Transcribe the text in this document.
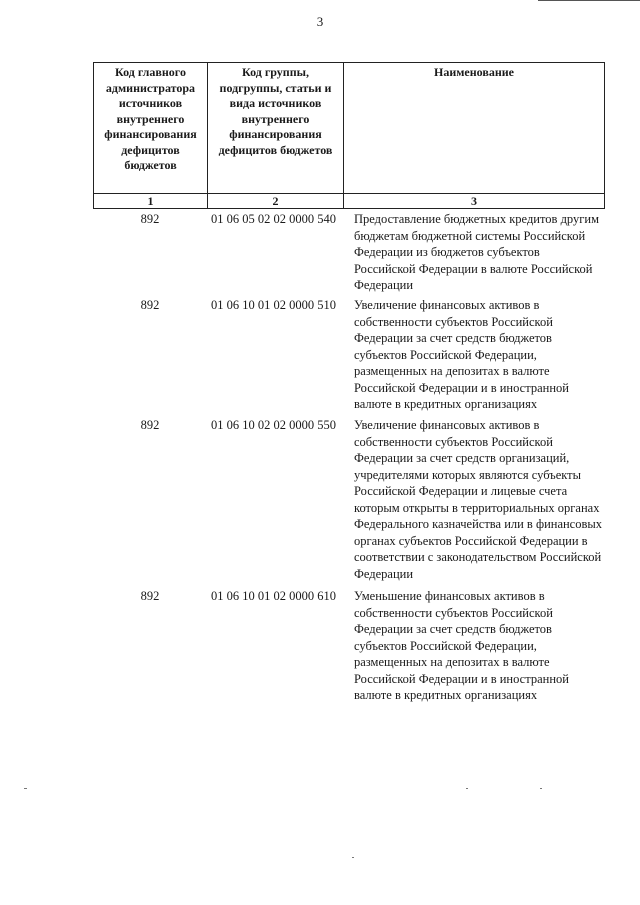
3
Код главного администратора источников внутреннего финансирования дефицитов бюджетов	Код группы, подгруппы, статьи и вида источников внутреннего финансирования дефицитов бюджетов	Наименование
1	2	3
892	01 06 05 02 02 0000 540	Предоставление бюджетных кредитов другим бюджетам бюджетной системы Российской Федерации из бюджетов субъектов Российской Федерации в валюте Российской Федерации
892	01 06 10 01 02 0000 510	Увеличение финансовых активов в собственности субъектов Российской Федерации за счет средств бюджетов субъектов Российской Федерации, размещенных на депозитах в валюте Российской Федерации и в иностранной валюте в кредитных организациях
892	01 06 10 02 02 0000 550	Увеличение финансовых активов в собственности субъектов Российской Федерации за счет средств организаций, учредителями которых являются субъекты Российской Федерации и лицевые счета которым открыты в территориальных органах Федерального казначейства или в финансовых органах субъектов Российской Федерации в соответствии с законодательством Российской Федерации
892	01 06 10 01 02 0000 610	Уменьшение финансовых активов в собственности субъектов Российской Федерации за счет средств бюджетов субъектов Российской Федерации, размещенных на депозитах в валюте Российской Федерации и в иностранной валюте в кредитных организациях
